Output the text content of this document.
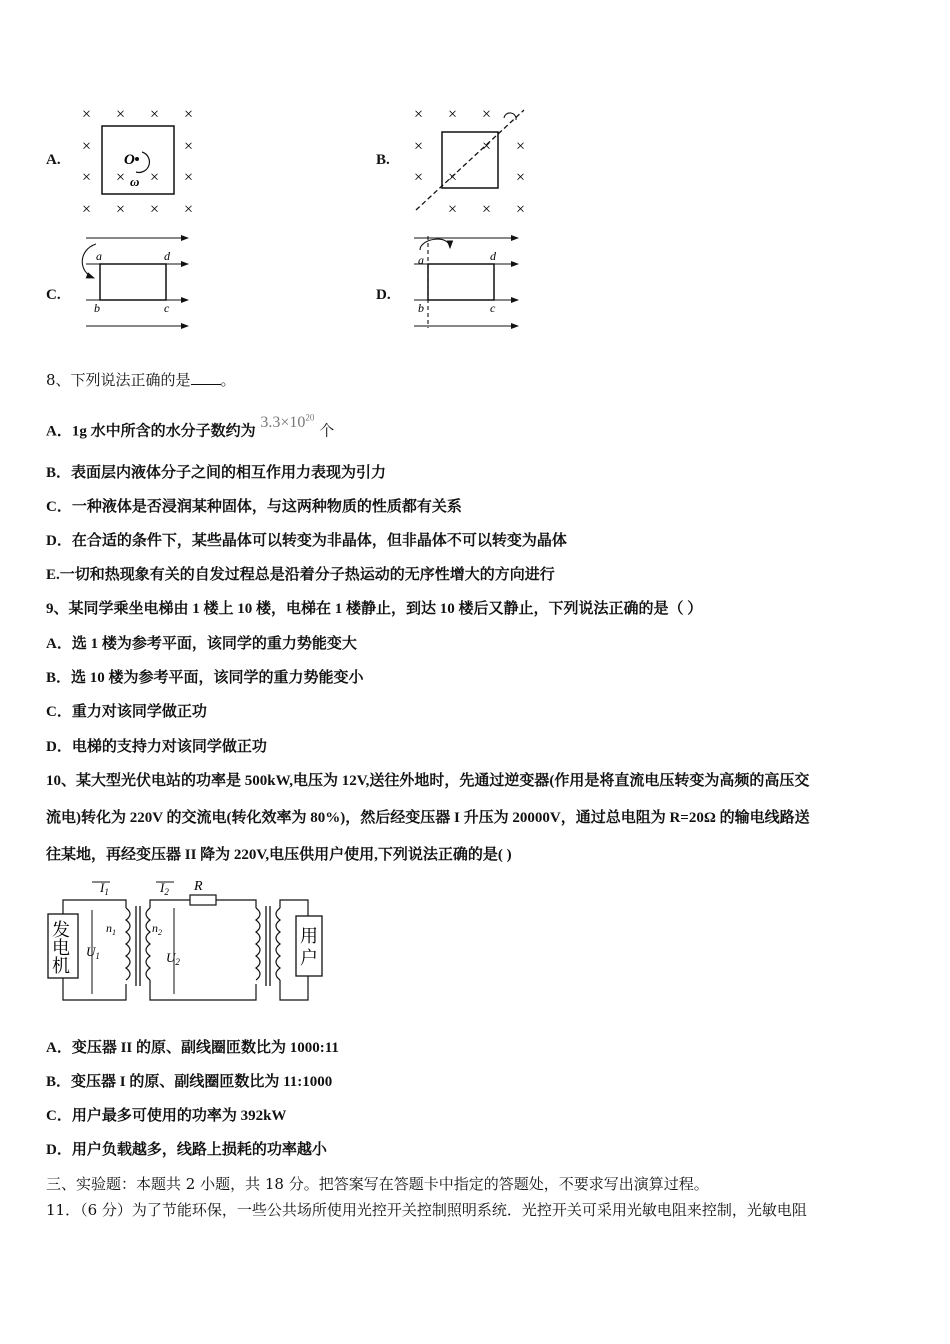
A.	B.
C.	D.
× × × ×
×	×
×	×
×
× × × ×
×
O
ω
× × ×
×	×
×	×
× × ×
×
×
a	d
b	c
a	d
b	c
8、下列说法正确的是 。
A．1g 水中所含的水分子数约为 $3.3\times 10^{20}$ 个
B．表面层内液体分子之间的相互作用力表现为引力
C．一种液体是否浸润某种固体，与这两种物质的性质都有关系
D．在合适的条件下，某些晶体可以转变为非晶体，但非晶体不可以转变为晶体
E.一切和热现象有关的自发过程总是沿着分子热运动的无序性增大的方向进行
9、某同学乘坐电梯由 1 楼上 10 楼，电梯在 1 楼静止，到达 10 楼后又静止，下列说法正确的是（ ）
A．选 1 楼为参考平面，该同学的重力势能变大
B．选 10 楼为参考平面，该同学的重力势能变小
C．重力对该同学做正功
D．电梯的支持力对该同学做正功
10、某大型光伏电站的功率是 500kW,电压为 12V,送往外地时，先通过逆变器(作用是将直流电压转变为高频的高压交
流电)转化为 220V 的交流电(转化效率为 80%)，然后经变压器 I 升压为 20000V，通过总电阻为 R=20Ω 的输电线路送
往某地，再经变压器 II 降为 220V,电压供用户使用,下列说法正确的是( )
发
电
机
$I_1$
$U_1$
$n_1$	$n_2$
R
$I_2$
$U_2$
用
户
A．变压器 II 的原、副线圈匝数比为 1000:11
B．变压器 I 的原、副线圈匝数比为 11:1000
C．用户最多可使用的功率为 392kW
D．用户负载越多，线路上损耗的功率越小
三、实验题：本题共 2 小题，共 18 分。把答案写在答题卡中指定的答题处，不要求写出演算过程。
11．（6 分）为了节能环保，一些公共场所使用光控开关控制照明系统．光控开关可采用光敏电阻来控制，光敏电阻
